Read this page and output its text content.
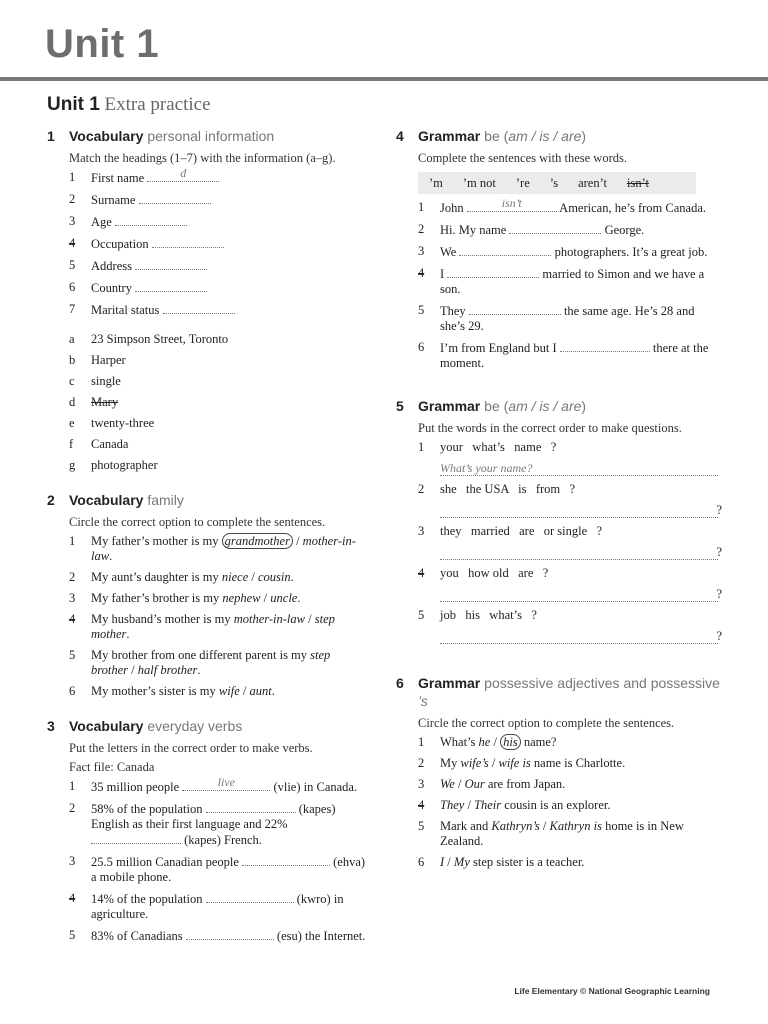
Unit 1
Unit 1 Extra practice
1 Vocabulary personal information
Match the headings (1–7) with the information (a–g).
1 First name	d
2 Surname
3 Age
4 Occupation
5 Address
6 Country
7 Marital status
a 23 Simpson Street, Toronto
b Harper
c single
d Mary
e twenty-three
f Canada
g photographer
2 Vocabulary family
Circle the correct option to complete the sentences.
1 My father’s mother is my grandmother / mother-in-law.
2 My aunt’s daughter is my niece / cousin.
3 My father’s brother is my nephew / uncle.
4 My husband’s mother is my mother-in-law / step mother.
5 My brother from one different parent is my step brother / half brother.
6 My mother’s sister is my wife / aunt.
3 Vocabulary everyday verbs
Put the letters in the correct order to make verbs.
Fact file: Canada
1 35 million people	live	(vlie) in Canada.
2 58% of the population	(kapes) English as their first language and 22%  (kapes) French.
3 25.5 million Canadian people	(ehva) a mobile phone.
4 14% of the population	(kwro) in agriculture.
5 83% of Canadians	(esu) the Internet.
4 Grammar be (am / is / are)
Complete the sentences with these words.
’m ’m not ’re ’s aren’t isn’t
1 John	isn’t	American, he’s from Canada.
2 Hi. My name	George.
3 We	photographers. It’s a great job.
4 I	married to Simon and we have a son.
5 They	the same age. He’s 28 and she’s 29.
6 I’m from England but I	there at the moment.
5 Grammar be (am / is / are)
Put the words in the correct order to make questions.
1 your   what’s   name   ?
What’s your name?
2 she   the USA   is   from   ?
?
3 they   married   are   or single   ?
?
4 you   how old   are   ?
?
5 job   his   what’s   ?
?
6 Grammar possessive adjectives and possessive ’s
Circle the correct option to complete the sentences.
1 What’s he / his name?
2 My wife’s / wife is name is Charlotte.
3 We / Our are from Japan.
4 They / Their cousin is an explorer.
5 Mark and Kathryn’s / Kathryn is home is in New Zealand.
6 I / My step sister is a teacher.
Life Elementary © National Geographic Learning
